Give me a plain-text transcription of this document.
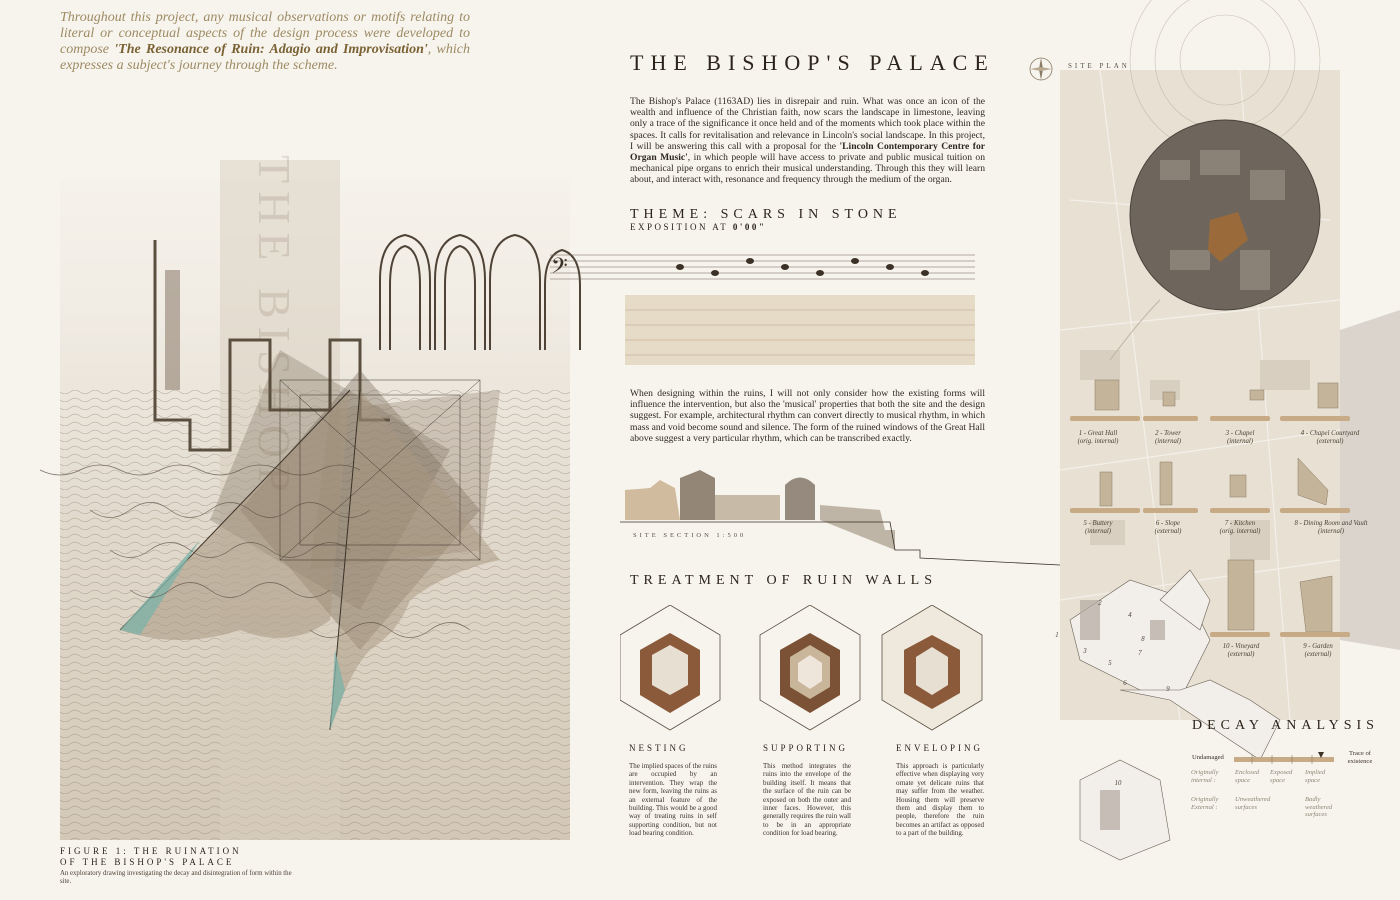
Throughout this project, any musical observations or motifs relating to literal or conceptual aspects of the design process were developed to compose 'The Resonance of Ruin: Adagio and Improvisation', which expresses a subject's journey through the scheme.
THE BISHOP
FIGURE 1: THE RUINATION
OF THE BISHOP'S PALACE
An exploratory drawing investigating the decay and disintegration of form within the site.
THE BISHOP'S PALACE	SITE PLAN
The Bishop's Palace (1163AD) lies in disrepair and ruin. What was once an icon of the wealth and influence of the Christian faith, now scars the landscape in limestone, leaving only a trace of the significance it once held and of the moments which took place within the spaces. It calls for revitalisation and relevance in Lincoln's social landscape. In this project, I will be answering this call with a proposal for the 'Lincoln Contemporary Centre for Organ Music', in which people will have access to private and public musical tuition on mechanical pipe organs to enrich their musical understanding. Through this they will learn about, and interact with, resonance and frequency through the medium of the organ.
THEME: SCARS IN STONE
EXPOSITION AT 0'00"
𝄢
When designing within the ruins, I will not only consider how the existing forms will influence the intervention, but also the 'musical' properties that both the site and the design suggest. For example, architectural rhythm can convert directly to musical rhythm, in which mass and void become sound and silence. The form of the ruined windows of the Great Hall above suggest a very particular rhythm, which can be transcribed exactly.
SITE SECTION 1:500
TREATMENT OF RUIN WALLS
NESTING
The implied spaces of the ruins are occupied by an intervention. They wrap the new form, leaving the ruins as an external feature of the building. This would be a good way of treating ruins in self supporting condition, but not load bearing condition.
SUPPORTING
This method integrates the ruins into the envelope of the building itself. It means that the surface of the ruin can be exposed on both the outer and inner faces. However, this generally requires the ruin wall to be in an appropriate condition for load bearing.
ENVELOPING
This approach is particularly effective when displaying very ornate yet delicate ruins that may suffer from the weather. Housing them will preserve them and display them to people, therefore the ruin becomes an artifact as opposed to a part of the building.
1
2
3
4
5
6
7
8
9
10
1 - Great Hall
(orig. internal)
2 - Tower
(internal)
3 - Chapel
(internal)
4 - Chapel Courtyard
(external)
5 - Buttery
(internal)
6 - Slope
(external)
7 - Kitchen
(orig. internal)
8 - Dining Room and Vault
(internal)
10 - Vineyard
(external)
9 - Garden
(external)
DECAY ANALYSIS
Undamaged
Trace of existence
Originally internal :
Enclosed space
Exposed space
Implied space
Originally External :
Unweathered surfaces
Badly weathered surfaces
